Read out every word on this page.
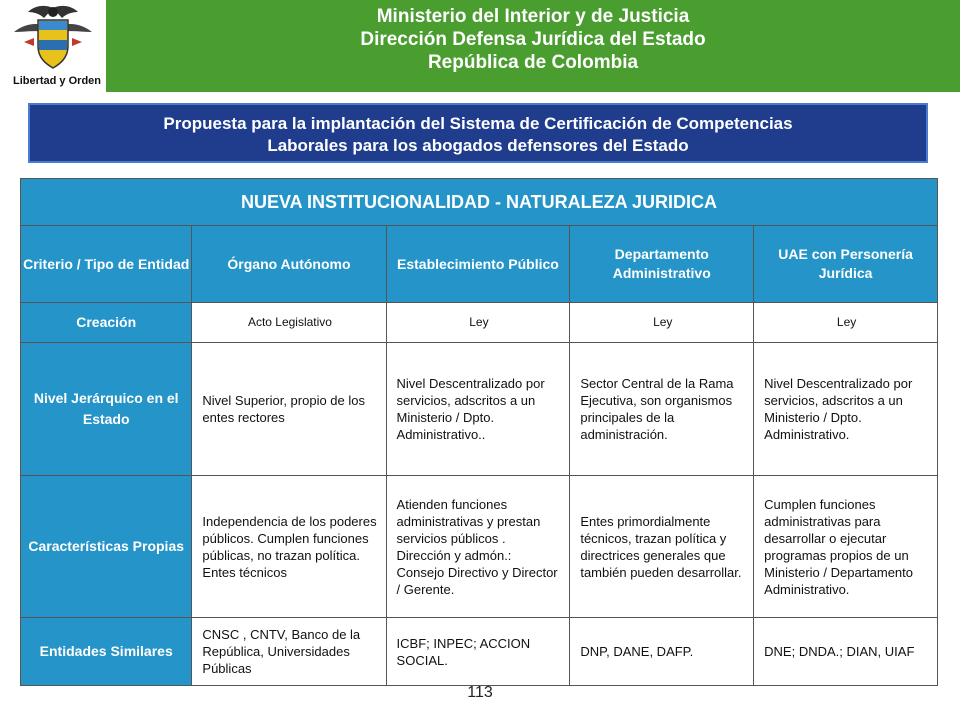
Libertad y Orden
Ministerio del Interior y de Justicia
Dirección Defensa Jurídica del Estado
República de Colombia
Propuesta para la implantación del Sistema de Certificación de Competencias
Laborales para los abogados defensores del Estado
NUEVA INSTITUCIONALIDAD - NATURALEZA JURIDICA				
Criterio / Tipo de Entidad	Órgano Autónomo	Establecimiento Público	Departamento Administrativo	UAE con Personería Jurídica
Creación	Acto Legislativo	Ley	Ley	Ley
Nivel Jerárquico en el Estado	Nivel Superior, propio de los entes rectores	Nivel Descentralizado por servicios, adscritos a un Ministerio / Dpto. Administrativo..	Sector Central de la Rama Ejecutiva, son organismos principales de la administración.	Nivel Descentralizado por servicios, adscritos a un Ministerio / Dpto. Administrativo.
Características Propias	Independencia de los poderes públicos. Cumplen funciones públicas, no trazan política. Entes técnicos	Atienden funciones administrativas y prestan servicios públicos . Dirección y admón.: Consejo Directivo y Director / Gerente.	Entes primordialmente técnicos, trazan política y directrices generales que también pueden desarrollar.	Cumplen funciones administrativas para desarrollar o ejecutar programas propios de un Ministerio / Departamento Administrativo.
Entidades Similares	CNSC , CNTV, Banco de la República, Universidades Públicas	ICBF; INPEC; ACCION SOCIAL.	DNP, DANE, DAFP.	DNE; DNDA.; DIAN, UIAF
113
